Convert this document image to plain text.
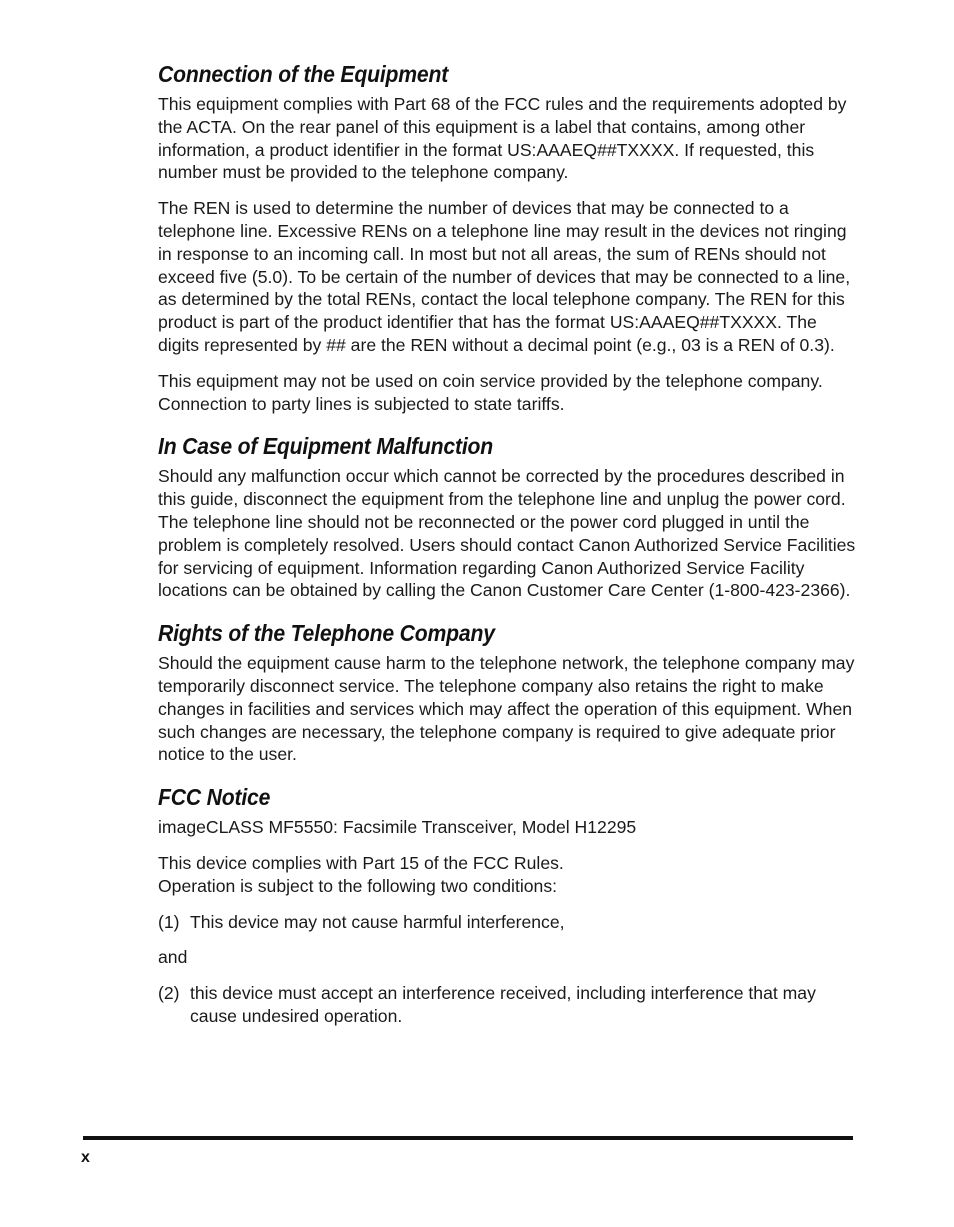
Connection of the Equipment

This equipment complies with Part 68 of the FCC rules and the requirements adopted by the ACTA. On the rear panel of this equipment is a label that contains, among other information, a product identifier in the format US:AAAEQ##TXXXX. If requested, this number must be provided to the telephone company.

The REN is used to determine the number of devices that may be connected to a telephone line. Excessive RENs on a telephone line may result in the devices not ringing in response to an incoming call. In most but not all areas, the sum of RENs should not exceed five (5.0). To be certain of the number of devices that may be connected to a line, as determined by the total RENs, contact the local telephone company. The REN for this product is part of the product identifier that has the format US:AAAEQ##TXXXX. The digits represented by ## are the REN without a decimal point (e.g., 03 is a REN of 0.3).

This equipment may not be used on coin service provided by the telephone company. Connection to party lines is subjected to state tariffs.

In Case of Equipment Malfunction

Should any malfunction occur which cannot be corrected by the procedures described in this guide, disconnect the equipment from the telephone line and unplug the power cord. The telephone line should not be reconnected or the power cord plugged in until the problem is completely resolved. Users should contact Canon Authorized Service Facilities for servicing of equipment. Information regarding Canon Authorized Service Facility locations can be obtained by calling the Canon Customer Care Center (1-800-423-2366).

Rights of the Telephone Company

Should the equipment cause harm to the telephone network, the telephone company may temporarily disconnect service. The telephone company also retains the right to make changes in facilities and services which may affect the operation of this equipment. When such changes are necessary, the telephone company is required to give adequate prior notice to the user.

FCC Notice

imageCLASS MF5550: Facsimile Transceiver, Model H12295

This device complies with Part 15 of the FCC Rules.
Operation is subject to the following two conditions:

(1) This device may not cause harmful interference,

and

(2) this device must accept an interference received, including interference that may cause undesired operation.
x
